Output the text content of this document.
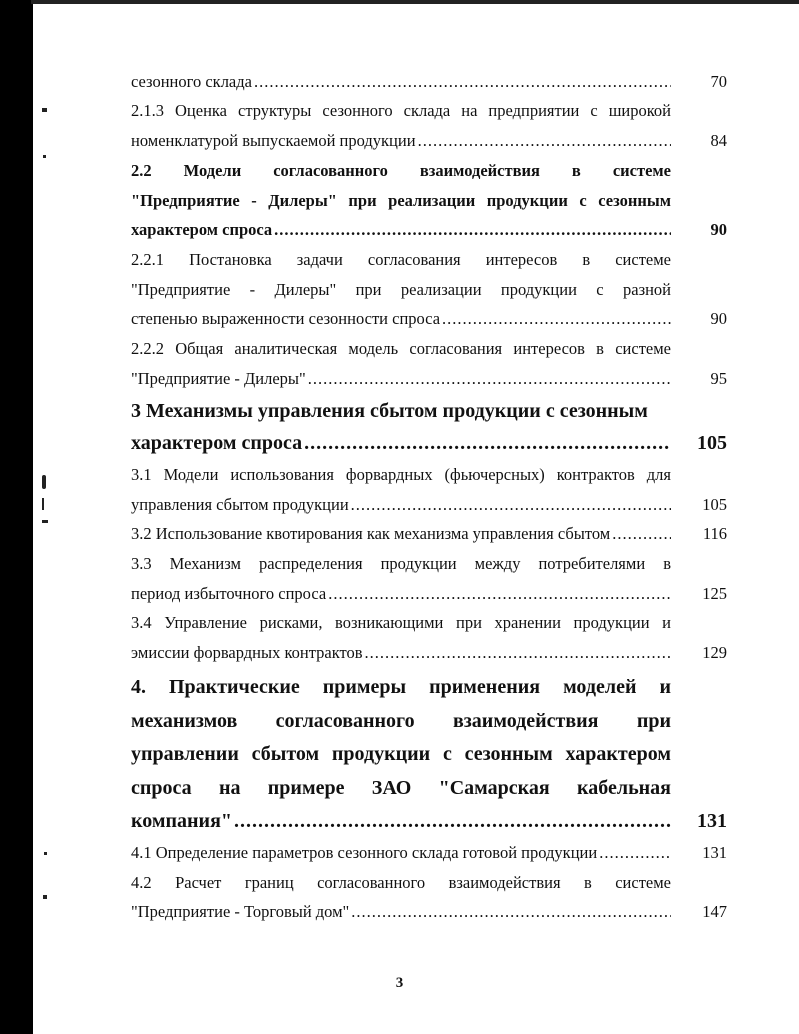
сезонного склада .....	70
2.1.3 Оценка структуры сезонного склада на предприятии с широкой
номенклатурой выпускаемой продукции .....	84
2.2 Модели согласованного взаимодействия в системе
"Предприятие - Дилеры" при реализации продукции с сезонным
характером спроса .....	90
2.2.1 Постановка задачи согласования интересов в системе
"Предприятие - Дилеры" при реализации продукции с разной
степенью выраженности сезонности спроса .....	90
2.2.2 Общая аналитическая модель согласования интересов в системе
"Предприятие - Дилеры" .....	95
3 Механизмы управления сбытом продукции с сезонным
характером спроса .....	105
3.1 Модели использования форвардных (фьючерсных) контрактов для
управления сбытом продукции .....	105
3.2 Использование квотирования как механизма управления сбытом .....	116
3.3 Механизм распределения продукции между потребителями в
период избыточного спроса .....	125
3.4 Управление рисками, возникающими при хранении продукции и
эмиссии форвардных контрактов .....	129
4. Практические примеры применения моделей и
механизмов согласованного взаимодействия при
управлении сбытом продукции с сезонным характером
спроса на примере ЗАО "Самарская кабельная
компания" .....	131
4.1 Определение параметров сезонного склада готовой продукции .....	131
4.2 Расчет границ согласованного взаимодействия в системе
"Предприятие - Торговый дом" .....	147
3
